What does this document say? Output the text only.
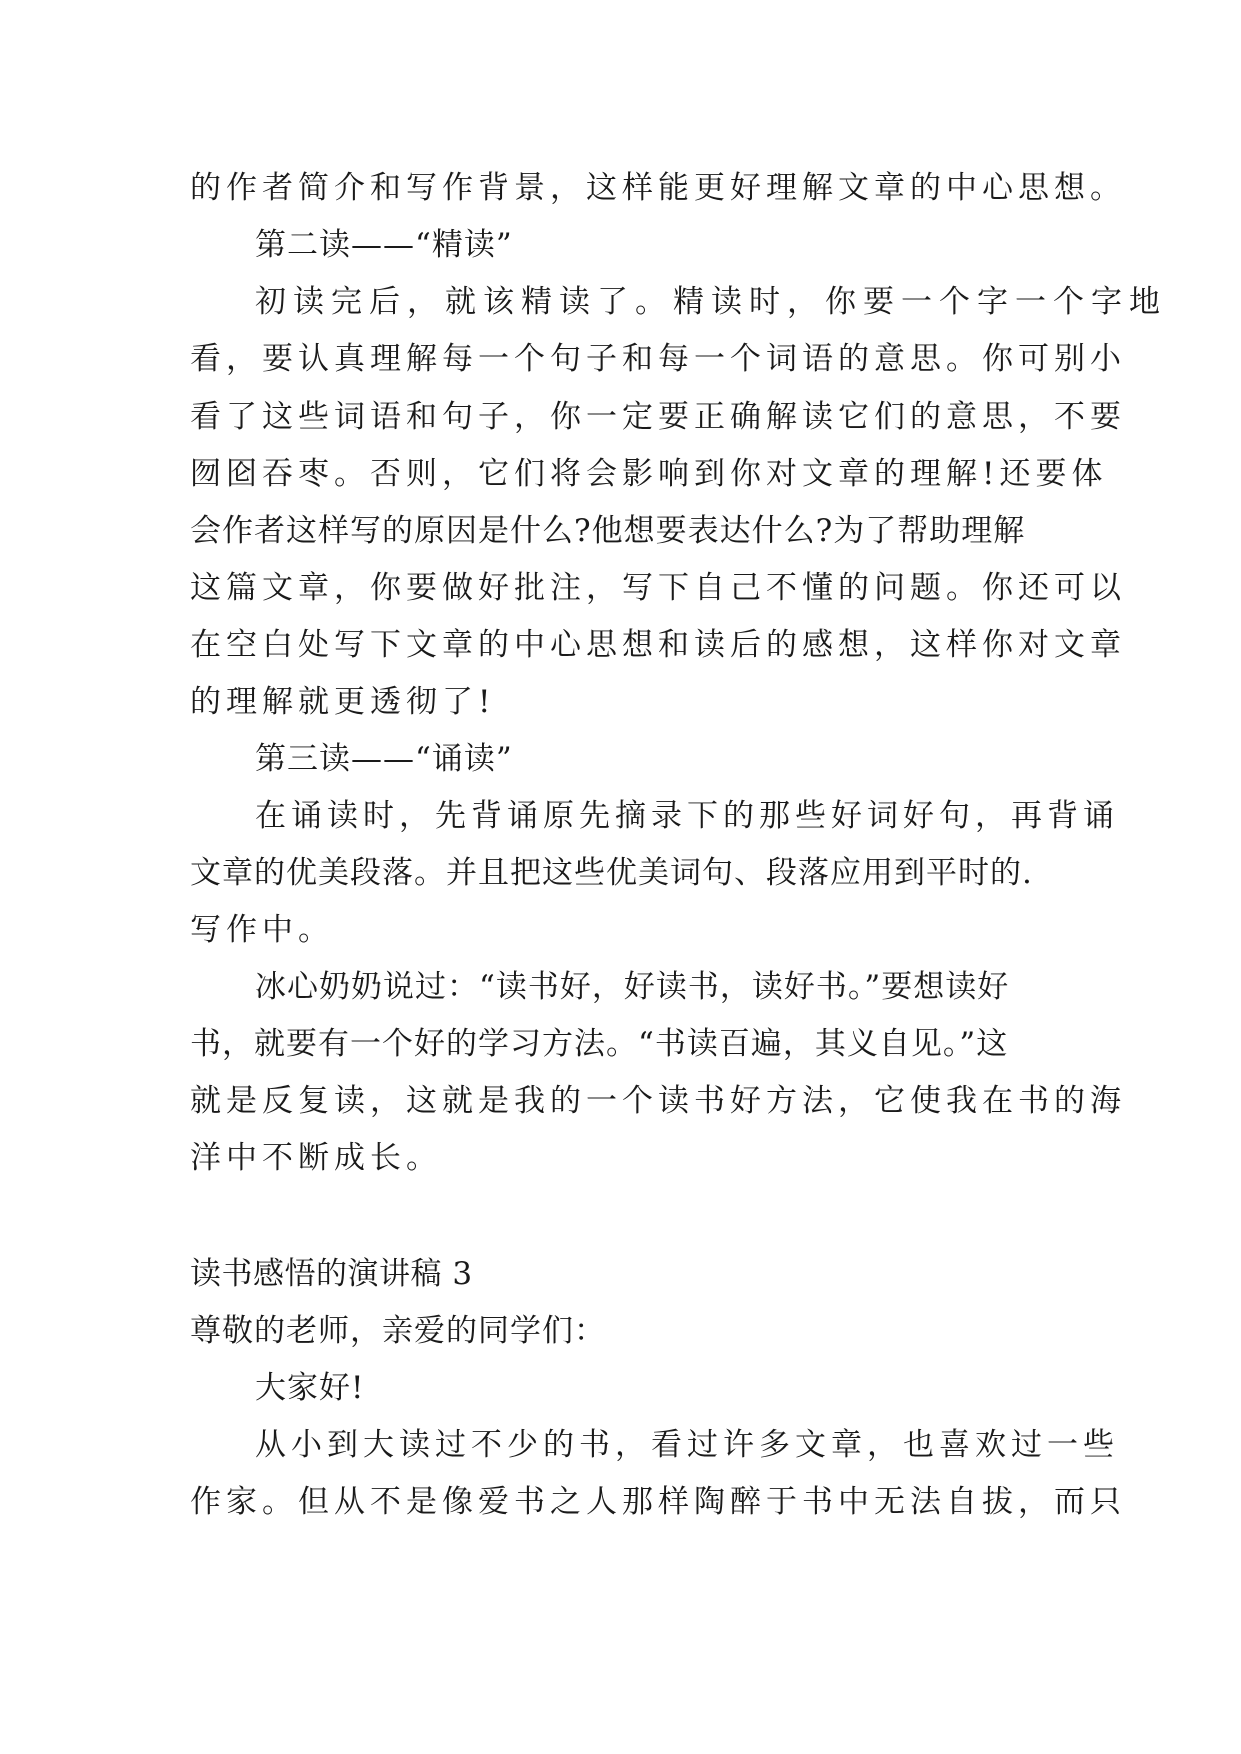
的作者简介和写作背景，这样能更好理解文章的中心思想。
第二读——“精读”
初读完后，就该精读了。精读时，你要一个字一个字地
看，要认真理解每一个句子和每一个词语的意思。你可别小
看了这些词语和句子，你一定要正确解读它们的意思，不要
囫囵吞枣。否则，它们将会影响到你对文章的理解!还要体
会作者这样写的原因是什么?他想要表达什么?为了帮助理解
这篇文章，你要做好批注，写下自己不懂的问题。你还可以
在空白处写下文章的中心思想和读后的感想，这样你对文章
的理解就更透彻了!
第三读——“诵读”
在诵读时，先背诵原先摘录下的那些好词好句，再背诵
文章的优美段落。并且把这些优美词句、段落应用到平时的.
写作中。
冰心奶奶说过：“读书好，好读书，读好书。”要想读好
书，就要有一个好的学习方法。“书读百遍，其义自见。”这
就是反复读，这就是我的一个读书好方法，它使我在书的海
洋中不断成长。
读书感悟的演讲稿 3
尊敬的老师，亲爱的同学们：
大家好!
从小到大读过不少的书，看过许多文章，也喜欢过一些
作家。但从不是像爱书之人那样陶醉于书中无法自拔，而只
